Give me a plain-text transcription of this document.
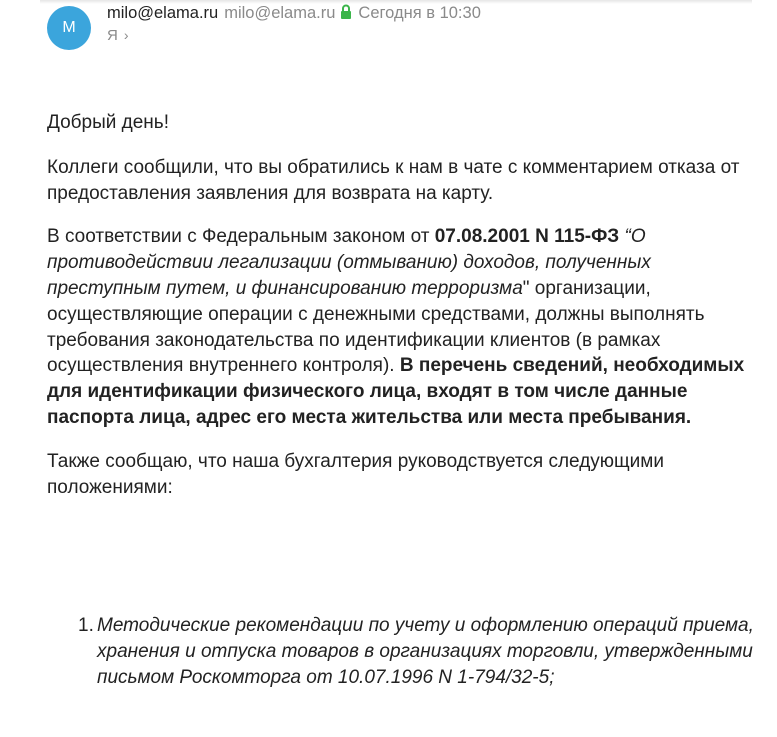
M
milo@elama.ru milo@elama.ru Сегодня в 10:30
Я ›

Добрый день!

Коллеги сообщили, что вы обратились к нам в чате с комментарием отказа от предоставления заявления для возврата на карту.

В соответствии с Федеральным законом от 07.08.2001 N 115-ФЗ “О противодействии легализации (отмыванию) доходов, полученных преступным путем, и финансированию терроризма" организации, осуществляющие операции с денежными средствами, должны выполнять требования законодательства по идентификации клиентов (в рамках осуществления внутреннего контроля). В перечень сведений, необходимых для идентификации физического лица, входят в том числе данные паспорта лица, адрес его места жительства или места пребывания.

Также сообщаю, что наша бухгалтерия руководствуется следующими положениями:

1. Методические рекомендации по учету и оформлению операций приема, хранения и отпуска товаров в организациях торговли, утвержденными письмом Роскомторга от 10.07.1996 N 1-794/32-5;
